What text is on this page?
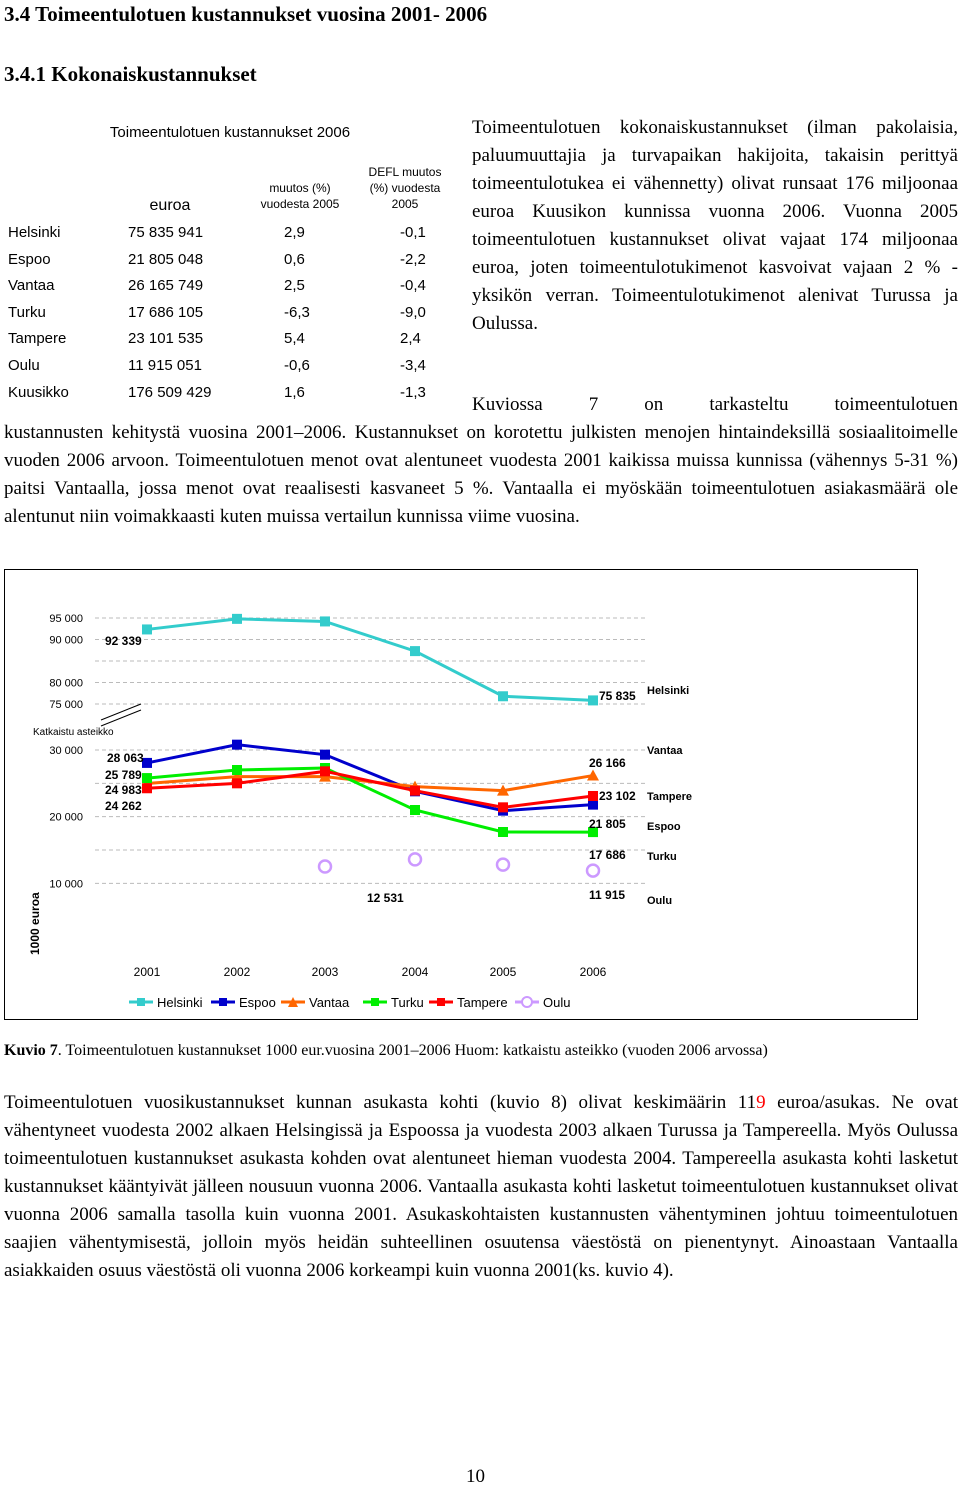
3.4 Toimeentulotuen kustannukset vuosina 2001- 2006
3.4.1 Kokonaiskustannukset
Toimeentulotuen kustannukset 2006
euroa
muutos (%) vuodesta 2005
DEFL muutos (%) vuodesta 2005
Helsinki	75 835 941	2,9	-0,1
Espoo	21 805 048	0,6	-2,2
Vantaa	26 165 749	2,5	-0,4
Turku	17 686 105	-6,3	-9,0
Tampere	23 101 535	5,4	2,4
Oulu	11 915 051	-0,6	-3,4
Kuusikko	176 509 429	1,6	-1,3

Toimeentulotuen kokonaiskustannukset (ilman pakolaisia, paluumuuttajia ja turvapaikan hakijoita, takaisin perittyä toimeentulotukea ei vähennetty) olivat runsaat 176 miljoonaa euroa Kuusikon kunnissa vuonna 2006. Vuonna 2005 toimeentulotuen kustannukset olivat vajaat 174 miljoonaa euroa, joten toimeentulotukimenot kasvoivat vajaan 2 % -yksikön verran. Toimeentulotukimenot alenivat Turussa ja Oulussa.

Kuviossa 7 on tarkasteltu toimeentulotuen

kustannusten kehitystä vuosina 2001–2006. Kustannukset on korotettu julkisten menojen hintaindeksillä sosiaalitoimelle vuoden 2006 arvoon. Toimeentulotuen menot ovat alentuneet vuodesta 2001 kaikissa muissa kunnissa (vähennys 5-31 %) paitsi Vantaalla, jossa menot ovat reaalisesti kasvaneet 5 %. Vantaalla ei myöskään toimeentulotuen asiakasmäärä ole alentunut niin voimakkaasti kuten muissa vertailun kunnissa viime vuosina.

95 000
90 000
80 000
75 000
30 000
20 000
10 000
Katkaistu asteikko
1000 euroa
2001	2002	2003	2004	2005	2006
92 339
28 063
25 789
24 983
24 262
12 531
75 835 Helsinki
26 166
Vantaa
23 102 Tampere
21 805 Espoo
17 686 Turku
11 915 Oulu
Helsinki	Espoo	Vantaa	Turku	Tampere	Oulu
Kuvio 7. Toimeentulotuen kustannukset 1000 eur.vuosina 2001–2006 Huom: katkaistu asteikko (vuoden 2006 arvossa)

Toimeentulotuen vuosikustannukset kunnan asukasta kohti (kuvio 8) olivat keskimäärin 119 euroa/asukas. Ne ovat vähentyneet vuodesta 2002 alkaen Helsingissä ja Espoossa ja vuodesta 2003 alkaen Turussa ja Tampereella. Myös Oulussa toimeentulotuen kustannukset asukasta kohden ovat alentuneet hieman vuodesta 2004. Tampereella asukasta kohti lasketut kustannukset kääntyivät jälleen nousuun vuonna 2006. Vantaalla asukasta kohti lasketut toimeentulotuen kustannukset olivat vuonna 2006 samalla tasolla kuin vuonna 2001. Asukaskohtaisten kustannusten vähentyminen johtuu toimeentulotuen saajien vähentymisestä, jolloin myös heidän suhteellinen osuutensa väestöstä on pienentynyt. Ainoastaan Vantaalla asiakkaiden osuus väestöstä oli vuonna 2006 korkeampi kuin vuonna 2001(ks. kuvio 4).

10
